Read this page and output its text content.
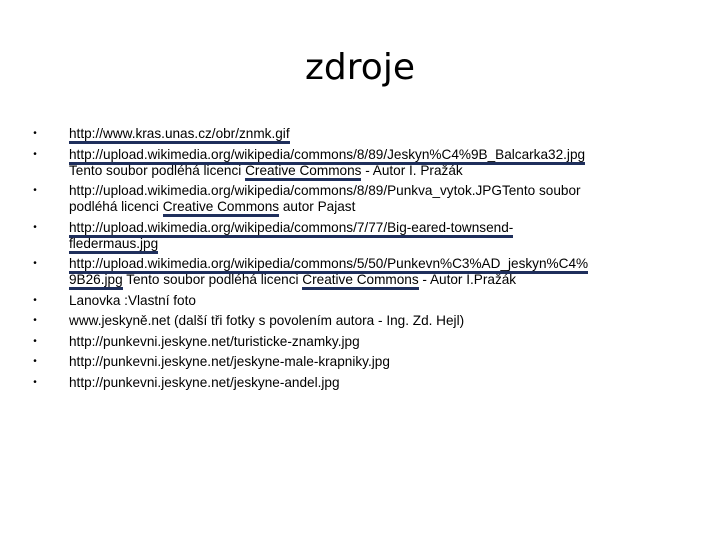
zdroje
• http://www.kras.unas.cz/obr/znmk.gif
• http://upload.wikimedia.org/wikipedia/commons/8/89/Jeskyn%C4%9B_Balcarka32.jpg
Tento soubor podléhá licenci Creative Commons - Autor I. Pražák
• http://upload.wikimedia.org/wikipedia/commons/8/89/Punkva_vytok.JPGTento soubor
podléhá licenci Creative Commons autor Pajast
• http://upload.wikimedia.org/wikipedia/commons/7/77/Big-eared-townsend-
fledermaus.jpg
• http://upload.wikimedia.org/wikipedia/commons/5/50/Punkevn%C3%AD_jeskyn%C4%
9B26.jpg Tento soubor podléhá licenci Creative Commons - Autor I.Pražák
• Lanovka :Vlastní foto
• www.jeskyně.net (další tři fotky s povolením autora - Ing. Zd. Hejl)
• http://punkevni.jeskyne.net/turisticke-znamky.jpg
• http://punkevni.jeskyne.net/jeskyne-male-krapniky.jpg
• http://punkevni.jeskyne.net/jeskyne-andel.jpg
